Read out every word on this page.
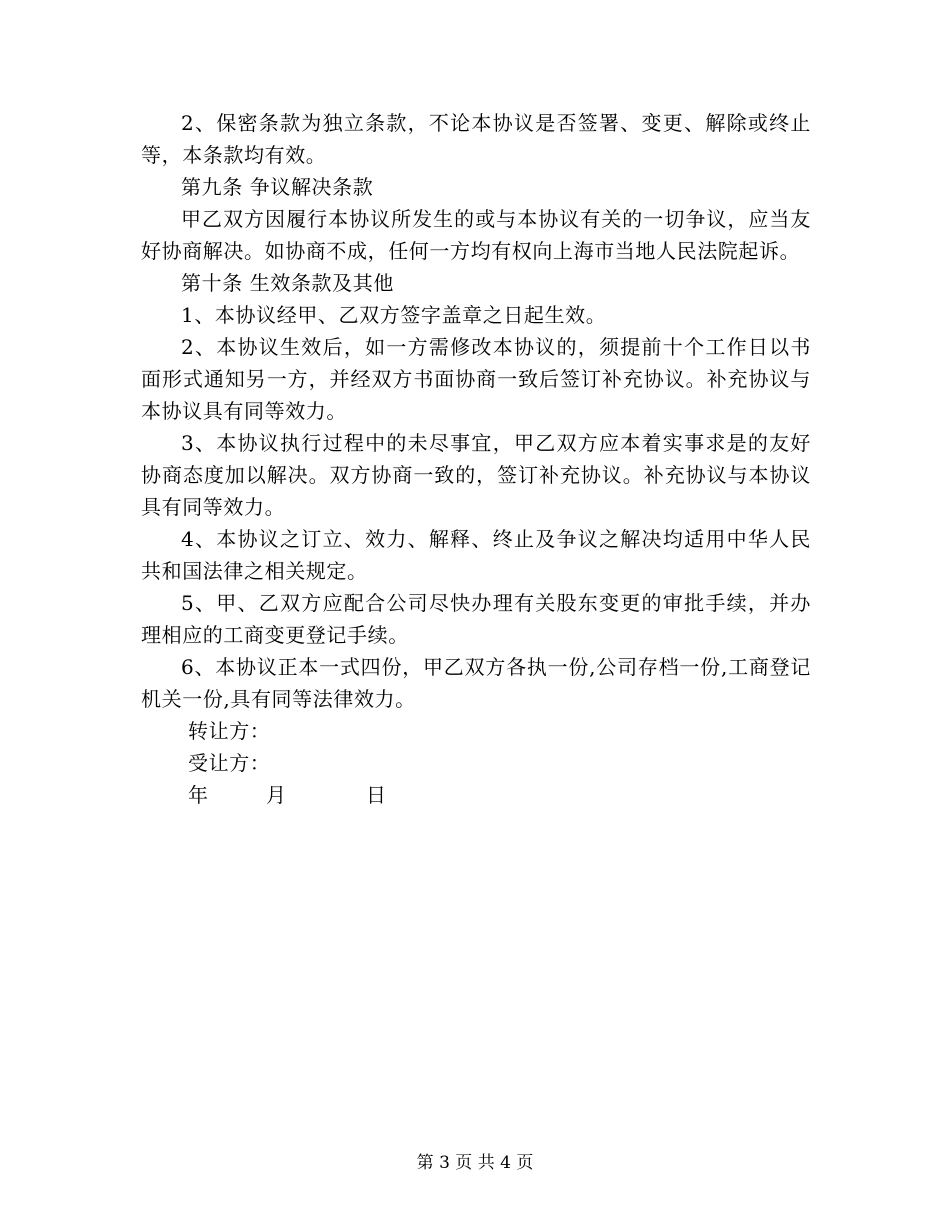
2、保密条款为独立条款，不论本协议是否签署、变更、解除或终止等，本条款均有效。

第九条 争议解决条款

甲乙双方因履行本协议所发生的或与本协议有关的一切争议，应当友好协商解决。如协商不成，任何一方均有权向上海市当地人民法院起诉。

第十条 生效条款及其他

1、本协议经甲、乙双方签字盖章之日起生效。

2、本协议生效后，如一方需修改本协议的，须提前十个工作日以书面形式通知另一方，并经双方书面协商一致后签订补充协议。补充协议与本协议具有同等效力。

3、本协议执行过程中的未尽事宜，甲乙双方应本着实事求是的友好协商态度加以解决。双方协商一致的，签订补充协议。补充协议与本协议具有同等效力。

4、本协议之订立、效力、解释、终止及争议之解决均适用中华人民共和国法律之相关规定。

5、甲、乙双方应配合公司尽快办理有关股东变更的审批手续，并办理相应的工商变更登记手续。

6、本协议正本一式四份，甲乙双方各执一份,公司存档一份,工商登记机关一份,具有同等法律效力。

转让方：

受让方：

年	月	日

第 3 页 共 4 页
